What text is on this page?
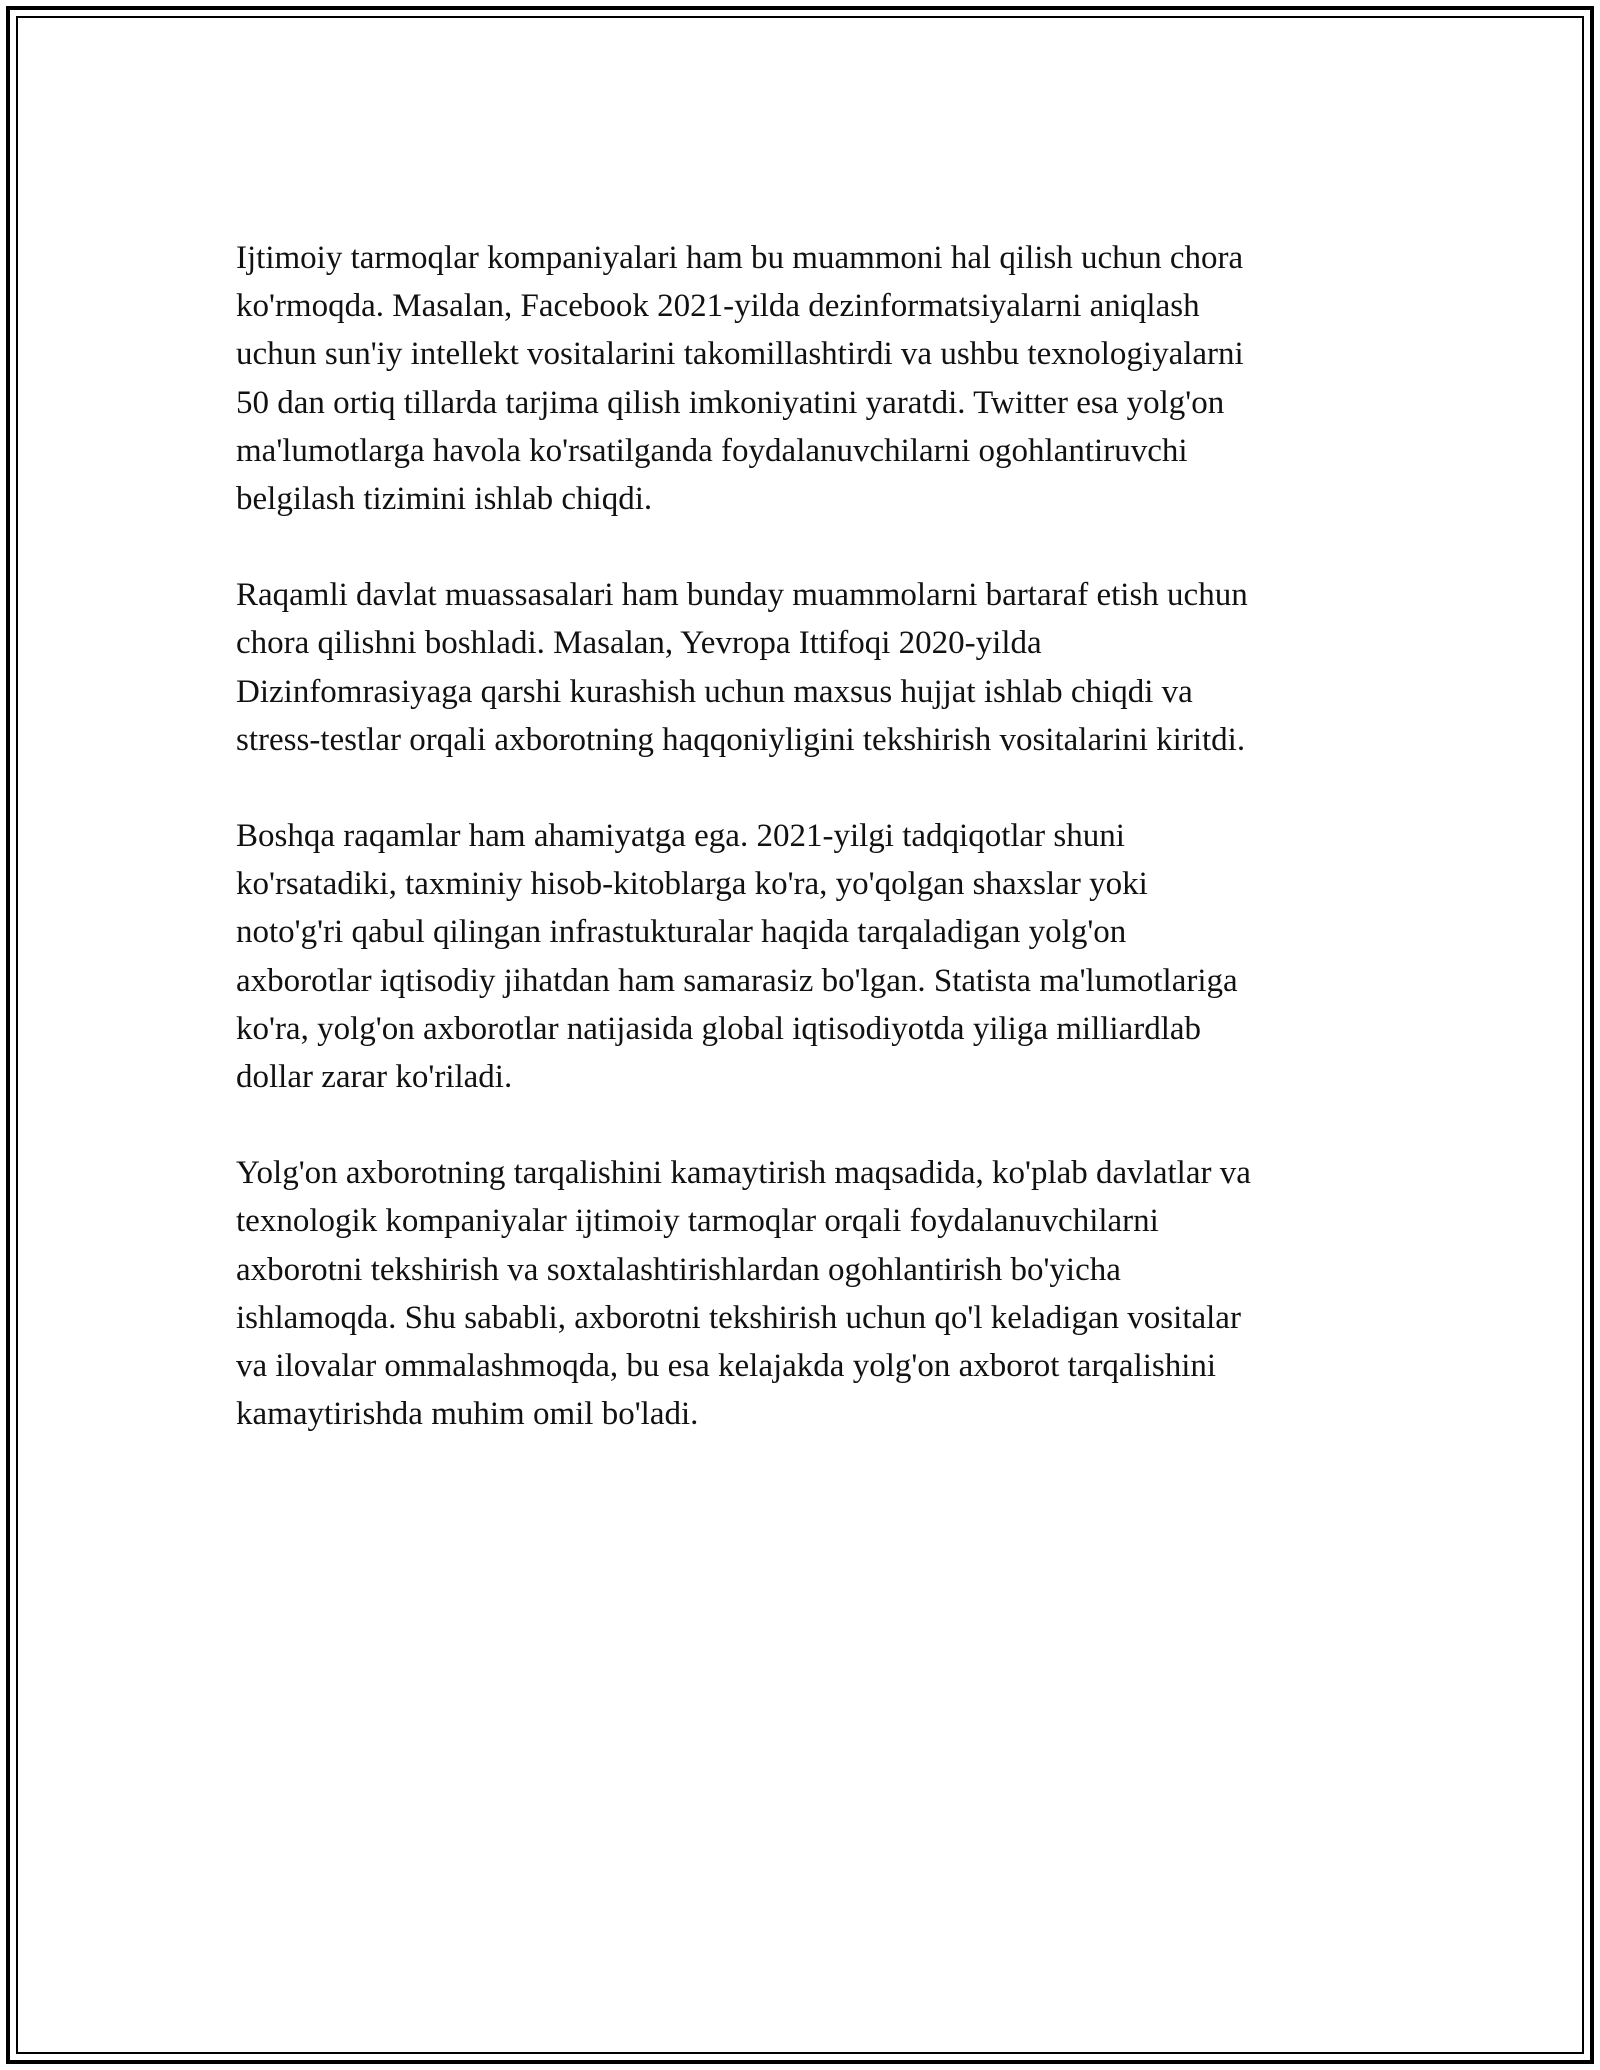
Ijtimoiy tarmoqlar kompaniyalari ham bu muammoni hal qilish uchun chora
ko'rmoqda. Masalan, Facebook 2021-yilda dezinformatsiyalarni aniqlash
uchun sun'iy intellekt vositalarini takomillashtirdi va ushbu texnologiyalarni
50 dan ortiq tillarda tarjima qilish imkoniyatini yaratdi. Twitter esa yolg'on
ma'lumotlarga havola ko'rsatilganda foydalanuvchilarni ogohlantiruvchi
belgilash tizimini ishlab chiqdi.

Raqamli davlat muassasalari ham bunday muammolarni bartaraf etish uchun
chora qilishni boshladi. Masalan, Yevropa Ittifoqi 2020-yilda
Dizinfomrasiyaga qarshi kurashish uchun maxsus hujjat ishlab chiqdi va
stress-testlar orqali axborotning haqqoniyligini tekshirish vositalarini kiritdi.

Boshqa raqamlar ham ahamiyatga ega. 2021-yilgi tadqiqotlar shuni
ko'rsatadiki, taxminiy hisob-kitoblarga ko'ra, yo'qolgan shaxslar yoki
noto'g'ri qabul qilingan infrastukturalar haqida tarqaladigan yolg'on
axborotlar iqtisodiy jihatdan ham samarasiz bo'lgan. Statista ma'lumotlariga
ko'ra, yolg'on axborotlar natijasida global iqtisodiyotda yiliga milliardlab
dollar zarar ko'riladi.

Yolg'on axborotning tarqalishini kamaytirish maqsadida, ko'plab davlatlar va
texnologik kompaniyalar ijtimoiy tarmoqlar orqali foydalanuvchilarni
axborotni tekshirish va soxtalashtirishlardan ogohlantirish bo'yicha
ishlamoqda. Shu sababli, axborotni tekshirish uchun qo'l keladigan vositalar
va ilovalar ommalashmoqda, bu esa kelajakda yolg'on axborot tarqalishini
kamaytirishda muhim omil bo'ladi.
